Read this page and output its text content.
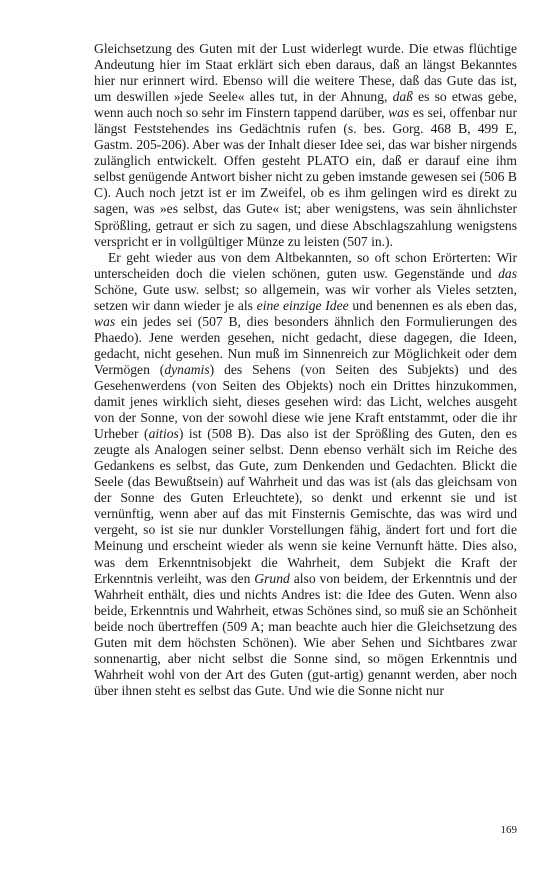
Gleichsetzung des Guten mit der Lust widerlegt wurde. Die etwas flüchtige Andeutung hier im Staat erklärt sich eben daraus, daß an längst Bekanntes hier nur erinnert wird. Ebenso will die weitere These, daß das Gute das ist, um deswillen »jede Seele« alles tut, in der Ahnung, daß es so etwas gebe, wenn auch noch so sehr im Finstern tappend darüber, was es sei, offenbar nur längst Feststehendes ins Gedächtnis rufen (s. bes. Gorg. 468 B, 499 E, Gastm. 205-206). Aber was der Inhalt dieser Idee sei, das war bisher nirgends zulänglich entwickelt. Offen gesteht PLATO ein, daß er darauf eine ihm selbst genügende Antwort bisher nicht zu geben imstande gewesen sei (506 B C). Auch noch jetzt ist er im Zweifel, ob es ihm gelingen wird es direkt zu sagen, was »es selbst, das Gute« ist; aber wenigstens, was sein ähnlichster Sprößling, getraut er sich zu sagen, und diese Abschlagszahlung wenigstens verspricht er in vollgültiger Münze zu leisten (507 in.).

Er geht wieder aus von dem Altbekannten, so oft schon Erörterten: Wir unterscheiden doch die vielen schönen, guten usw. Gegenstände und das Schöne, Gute usw. selbst; so allgemein, was wir vorher als Vieles setzten, setzen wir dann wieder je als eine einzige Idee und benennen es als eben das, was ein jedes sei (507 B, dies besonders ähnlich den Formulierungen des Phaedo). Jene werden gesehen, nicht gedacht, diese dagegen, die Ideen, gedacht, nicht gesehen. Nun muß im Sinnenreich zur Möglichkeit oder dem Vermögen (dynamis) des Sehens (von Seiten des Subjekts) und des Gesehenwerdens (von Seiten des Objekts) noch ein Drittes hinzukommen, damit jenes wirklich sieht, dieses gesehen wird: das Licht, welches ausgeht von der Sonne, von der sowohl diese wie jene Kraft entstammt, oder die ihr Urheber (aitios) ist (508 B). Das also ist der Sprößling des Guten, den es zeugte als Analogen seiner selbst. Denn ebenso verhält sich im Reiche des Gedankens es selbst, das Gute, zum Denkenden und Gedachten. Blickt die Seele (das Bewußtsein) auf Wahrheit und das was ist (als das gleichsam von der Sonne des Guten Erleuchtete), so denkt und erkennt sie und ist vernünftig, wenn aber auf das mit Finsternis Gemischte, das was wird und vergeht, so ist sie nur dunkler Vorstellungen fähig, ändert fort und fort die Meinung und erscheint wieder als wenn sie keine Vernunft hätte. Dies also, was dem Erkenntnisobjekt die Wahrheit, dem Subjekt die Kraft der Erkenntnis verleiht, was den Grund also von beidem, der Erkenntnis und der Wahrheit enthält, dies und nichts Andres ist: die Idee des Guten. Wenn also beide, Erkenntnis und Wahrheit, etwas Schönes sind, so muß sie an Schönheit beide noch übertreffen (509 A; man beachte auch hier die Gleichsetzung des Guten mit dem höchsten Schönen). Wie aber Sehen und Sichtbares zwar sonnenartig, aber nicht selbst die Sonne sind, so mögen Erkenntnis und Wahrheit wohl von der Art des Guten (gut-artig) genannt werden, aber noch über ihnen steht es selbst das Gute. Und wie die Sonne nicht nur

169
